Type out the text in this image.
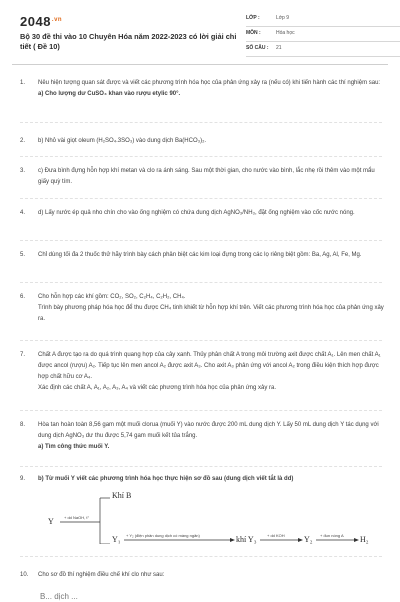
$2048^{.vn}$
Bộ 30 đề thi vào 10 Chuyên Hóa năm 2022-2023 có lời giải chi tiết ( Đề 10)
LỚP :	Lớp 9
MÔN :	Hóa học
SỐ CÂU : 21
1.	Nêu hiện tượng quan sát được và viết các phương trình hóa học của phản ứng xảy ra (nếu có) khi tiến hành các thí nghiệm sau:
a) Cho lượng dư CuSO₄ khan vào rượu etylic 90°.
2.	b) Nhỏ vài giọt oleum (H₂SO₄.3SO₃) vào dung dịch Ba(HCO₃)₂.
3.	c) Đưa bình đựng hỗn hợp khí metan và clo ra ánh sáng. Sau một thời gian, cho nước vào bình, lắc nhẹ rồi thêm vào một mẩu giấy quỳ tím.
4.	d) Lấy nước ép quả nho chín cho vào ống nghiệm có chứa dung dịch AgNO₃/NH₃, đặt ống nghiệm vào cốc nước nóng.
5.	Chỉ dùng tối đa 2 thuốc thử hãy trình bày cách phân biệt các kim loại đựng trong các lọ riêng biệt gồm: Ba, Ag, Al, Fe, Mg.
6.	Cho hỗn hợp các khí gồm: CO₂, SO₂, C₂H₄, C₂H₂, CH₄.
Trình bày phương pháp hóa học để thu được CH₄ tinh khiết từ hỗn hợp khí trên. Viết các phương trình hóa học của phản ứng xảy ra.
7.	Chất A được tạo ra do quá trình quang hợp của cây xanh. Thủy phân chất A trong môi trường axit được chất A₁. Lên men chất A₁ được ancol (rượu) A₂. Tiếp tục lên men ancol A₂ được axit A₃. Cho axit A₃ phản ứng với ancol A₂ trong điều kiện thích hợp được hợp chất hữu cơ A₄.
Xác định các chất A, A₁, A₂, A₃, A₄ và viết các phương trình hóa học của phản ứng xảy ra.
8.	Hòa tan hoàn toàn 8,56 gam một muối clorua (muối Y) vào nước được 200 mL dung dịch Y. Lấy 50 mL dung dịch Y tác dụng với dung dịch AgNO₃ dư thu được 5,74 gam muối kết tủa trắng.
a) Tìm công thức muối Y.
9.	b) Từ muối Y viết các phương trình hóa học thực hiện sơ đồ sau (dung dịch viết tắt là dd)
Y	+ dd NaOH, t°
Khí B
Y₁ + Y₂ (điện phân dung dịch có màng ngăn)	khí Y₃	+ dd KOH Y₂ + đun nóng A H₂
10.	Cho sơ đồ thí nghiệm điều chế khí clo như sau:
B... dịch ...
